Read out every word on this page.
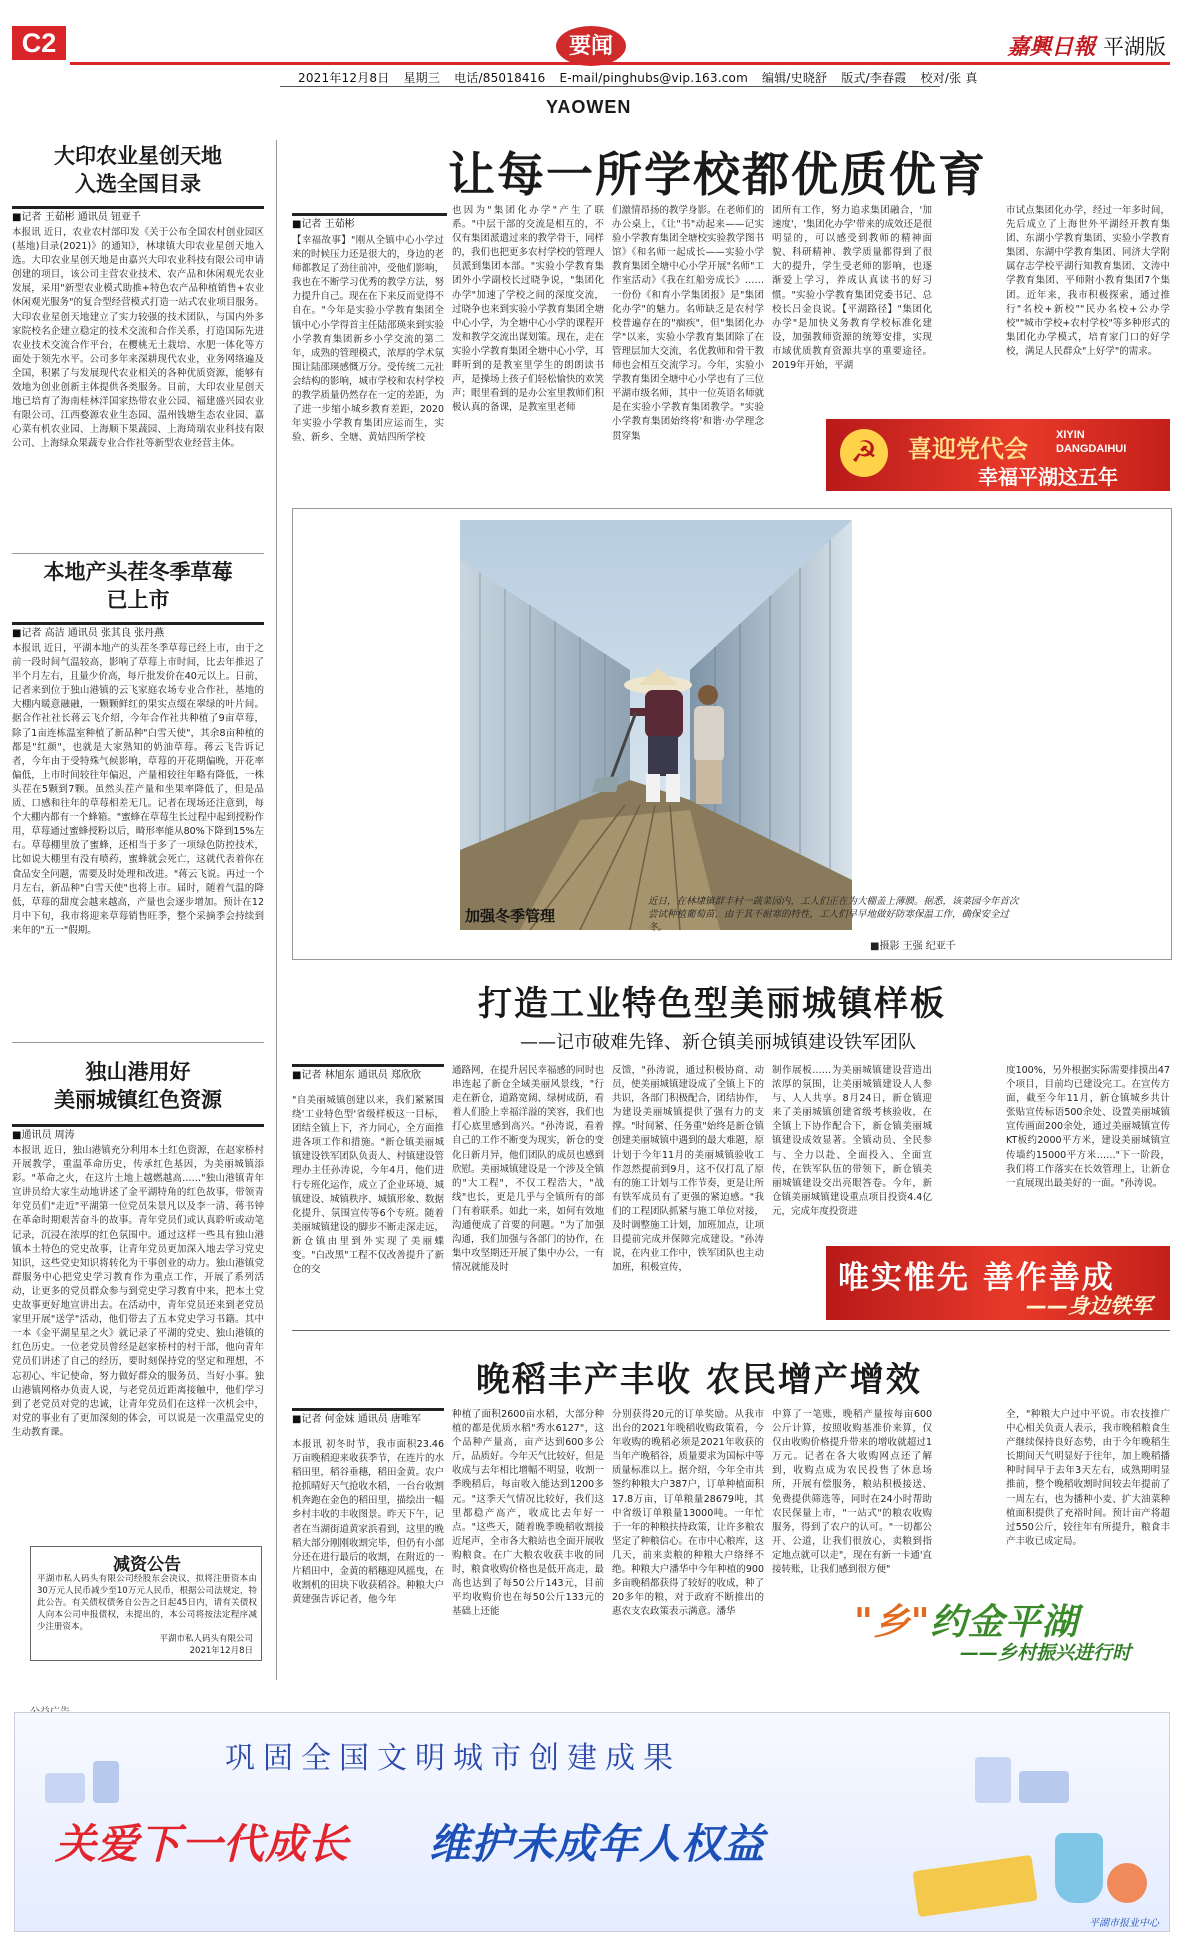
C2	要闻	嘉興日報 平湖版
2021年12月8日 星期三 电话/85018416 E-mail/pinghubs@vip.163.com 编辑/史晓舒 版式/李春霞 校对/张 真
YAOWEN
让每一所学校都优质优育
■记者 王茹彬
【幸福故事】"刚从全镇中心小学过来的时候压力还是很大的，身边的老师都教足了劲往前冲，受他们影响，我也在不断学习优秀的教学方法，努力提升自己。现在在下来反而觉得不自在。"今年是实验小学教育集团全镇中心小学得首主任陆邵瑛来到实验小学教育集团新乡小学交流的第二年，成熟的管理模式，浓厚的学术氛围让陆邵瑛感慨万分。受传统二元社会结构的影响，城市学校和农村学校的教学质量仍然存在一定的差距，为了进一步缩小城乡教育差距，2020年实验小学教育集团应运而生，实验、新乡、全塘、黄姑四所学校
也因为"集团化办学"产生了联系。"中层干部的交流是相互的，不仅有集团派遣过来的教学骨干，同样的，我们也把更多农村学校的管理人员派到集团本部。"实验小学教育集团外小学副校长过晓争说，"集团化办学"加速了学校之间的深度交流，过晓争也来到实验小学教育集团全塘中心小学，为全塘中心小学的课程开发和教学交流出谋划策。现在，走在实验小学教育集团全塘中心小学，耳畔听到的是教室里学生的朗朗读书声，是操场上孩子们轻松愉快的欢笑声；眼里看到的是办公室里教师们积极认真的备课，是教室里老师
们激情昂扬的教学身影。在老师们的办公桌上，《让"书"动起来——记实验小学教育集团全塘校实验教学图书馆》《和名师一起成长——实验小学教育集团全塘中心小学开展"名师"工作室活动》《我在红船旁成长》……一份份《和育小学集团报》是"集团化办学"的魅力。名师缺乏是农村学校普遍存在的"痼疾"，但"集团化办学"以来，实验小学教育集团除了在管理层加大交流，名优教师和骨干教师也会相互交流学习。今年，实验小学教育集团全塘中心小学也有了三位平湖市级名师，其中一位英语名师就是在实验小学教育集团教学。"实验小学教育集团始终将'和谐·办学理念贯穿集
团所有工作，努力追求集团融合，'加速度'，'集团化办学'带来的成效还是很明显的，可以感受到教师的精神面貌、科研精神、教学质量都得到了很大的提升，学生受老师的影响，也逐渐爱上学习，养成认真读书的好习惯。"实验小学教育集团党委书记、总校长吕金良说。【平湖路径】"集团化办学"是加快义务教育学校标准化建设，加强教师资源的统筹安排，实现市域优质教育资源共享的重要途径。2019年开始，平湖
市试点集团化办学，经过一年多时间，先后成立了上海世外平湖经开教育集团、东湖小学教育集团、实验小学教育集团、东湖中学教育集团、同济大学附属存志学校平湖行知教育集团、文涛中学教育集团、平师附小教育集团7个集团。近年来，我市积极探索，通过推行"名校+新校""民办名校+公办学校""城市学校+农村学校"等多种形式的集团化办学模式，培育家门口的好学校，满足人民群众"上好学"的需求。
☭	喜迎党代会	XIYIN
DANGDAIHUI
幸福平湖这五年
大印农业星创天地
入选全国目录
■记者 王茹彬 通讯员 钮亚千
本报讯 近日，农业农村部印发《关于公布全国农村创业园区(基地)目录(2021)》的通知》，林埭镇大印农业星创天地入选。大印农业星创天地是由嘉兴大印农业科技有限公司申请创建的项目，该公司主营农业技术、农产品和休闲观光农业发展，采用"新型农业模式助推+特色农产品种植销售+农业休闲观光服务"的复合型经营模式打造一站式农业项目服务。大印农业星创天地建立了实力较强的技术团队，与国内外多家院校名企建立稳定的技术交流和合作关系，打造国际先进农业技术交流合作平台，在樱桃无土栽培、水肥一体化等方面处于领先水平。公司多年来深耕现代农业，业务网络遍及全国，积累了与发展现代农业相关的各种优质资源，能够有效地为创业创新主体提供各类服务。目前，大印农业星创天地已培育了海南桂林洋国家热带农业公园、福建盛兴园农业有限公司、江西婺源农业生态园、温州钱塘生态农业园、嘉心菜有机农业园、上海顺下果蔬园、上海琦瑞农业科技有限公司、上海绿众果蔬专业合作社等新型农业经营主体。
本地产头茬冬季草莓
已上市
■记者 高洁 通讯员 张其良 张丹燕
本报讯 近日，平湖本地产的头茬冬季草莓已经上市，由于之前一段时间气温较高，影响了草莓上市时间，比去年推迟了半个月左右，且量少价高，每斤批发价在40元以上。日前，记者来到位于独山港镇的云飞家庭农场专业合作社，基地的大棚内暖意融融，一颗颗鲜红的果实点缀在翠绿的叶片间。据合作社社长蒋云飞介绍，今年合作社共种植了9亩草莓，除了1亩连栋温室种植了新品种"白雪天使"，其余8亩种植的都是"红颜"，也就是大家熟知的奶油草莓。蒋云飞告诉记者，今年由于受特殊气候影响，草莓的开花期偏晚，开花率偏低，上市时间较往年偏迟，产量相较往年略有降低，一株头茬在5颗到7颗。虽然头茬产量和坐果率降低了，但是品质、口感和往年的草莓相差无几。记者在现场还注意到，每个大棚内都有一个蜂箱。"蜜蜂在草莓生长过程中起到授粉作用，草莓通过蜜蜂授粉以后，畸形率能从80%下降到15%左右。草莓棚里放了蜜蜂，还相当于多了一项绿色防控技术，比如说大棚里有没有喷药，蜜蜂就会死亡，这就代表着你在食品安全问题，需要及时处理和改进。"蒋云飞说。再过一个月左右，新品种"白雪天使"也将上市。届时，随着气温的降低，草莓的甜度会越来越高，产量也会逐步增加。预计在12月中下旬，我市将迎来草莓销售旺季，整个采摘季会持续到来年的"五一"假期。
独山港用好
美丽城镇红色资源
■通讯员 周涛
本报讯 近日，独山港镇充分利用本土红色资源，在赵家桥村开展教学，重温革命历史，传承红色基因，为美丽城镇添彩。"革命之火，在这片土地上越燃越高……"独山港镇青年宣讲员给大家生动地讲述了金平湖特角的红色故事，带领青年党员们"走近"平湖第一位党员朱景凡以及李一清、蒋书钟在革命时期艰苦奋斗的故事。青年党员们或认真聆听或动笔记录，沉浸在浓厚的红色氛围中。通过这样一些具有独山港镇本土特色的党史故事，让青年党员更加深入地去学习党史知识，这些党史知识将转化为干事创业的动力。独山港镇党群服务中心把党史学习教育作为重点工作，开展了系列活动，让更多的党员群众参与到党史学习教育中来，把本土党史故事更好地宣讲出去。在活动中，青年党员还来到老党员家里开展"送学"活动，他们带去了五本党史学习书籍。其中一本《金平湖星星之火》就记录了平湖的党史、独山港镇的红色历史。一位老党员曾经是赵家桥村的村干部，他向青年党员们讲述了自己的经历，要时刻保持党的坚定和理想，不忘初心、牢记使命，努力做好群众的服务员、当好小事。独山港镇网格办负责人说，与老党员近距离接触中，他们学习到了老党员对党的忠诚，让青年党员们在这样一次机会中，对党的事业有了更加深刻的体会，可以说是一次重温党史的生动教育课。
减资公告
平湖市私人码头有限公司经股东会决议，拟将注册资本由30万元人民币减少至10万元人民币，根据公司法规定，特此公告。有关债权债务自公告之日起45日内，请有关债权人向本公司申报债权，未提出的，本公司将按法定程序减少注册资本。
平湖市私人码头有限公司
2021年12月8日
加强冬季管理
近日，在林埭镇群丰村一蔬菜园内，工人们正在为大棚盖上薄膜。据悉，该菜园今年首次尝试种植葡萄苗，由于其不耐寒的特性，工人们早早地做好防寒保温工作，确保安全过冬。
■摄影 王强 纪亚千
打造工业特色型美丽城镇样板
——记市破难先锋、新仓镇美丽城镇建设铁军团队
■记者 林旭东 通讯员 郑欣欣
"自美丽城镇创建以来，我们紧紧围绕'工业特色型'省级样板这一目标，团结全镇上下，齐力同心，全方面推进各项工作和措施。"新仓镇美丽城镇建设铁军团队负责人、村镇建设管理办主任孙涛说，今年4月，他们进行专班化运作，成立了企业环境、城镇建设、城镇秩序、城镇形象、数据化提升、氛围宣传等6个专班。随着美丽城镇建设的脚步不断走深走远，新仓镇由里到外实现了美丽蝶变。"白改黑"工程不仅改善提升了新仓的交
通路网，在提升居民幸福感的同时也串连起了新仓全域美丽风景线，"行走在新仓，道路宽阔、绿树成荫，看着人们脸上幸福洋溢的笑容，我们也打心底里感到高兴。"孙涛说，看着自己的工作不断变为现实，新仓的变化日新月异，他们团队的成员也感到欣慰。美丽城镇建设是一个涉及全镇的"大工程"，不仅工程浩大，"战线"也长，更是几乎与全镇所有的部门有着联系。如此一来，如何有效地沟通便成了首要的问题。"为了加强沟通，我们加强与各部门的协作，在集中攻坚期还开展了集中办公，一有情况就能及时
反馈，"孙涛说，通过积极协商、动员，使美丽城镇建设成了全镇上下的共识，各部门积极配合，团结协作，为建设美丽城镇提供了强有力的支撑。"时间紧、任务重"始终是新仓镇创建美丽城镇中遇到的最大难题，原计划于今年11月的美丽城镇验收工作忽然提前到9月，这不仅打乱了原有的施工计划与工作节奏，更是让所有铁军成员有了更强的紧迫感。"我们的工程团队抓紧与施工单位对接，及时调整施工计划，加班加点，让项目提前完成并保障完成建设。"孙涛说，在内业工作中，铁军团队也主动加班，积极宣传，
制作展板……为美丽城镇建设营造出浓厚的氛围，让美丽城镇建设人人参与、人人共享。8月24日，新仓镇迎来了美丽城镇创建省级考核验收，在全镇上下协作配合下，新仓镇美丽城镇建设成效显著。全镇动员、全民参与、全力以赴、全面投入、全面宣传，在铁军队伍的带领下，新仓镇美丽城镇建设交出亮眼答卷。今年，新仓镇美丽城镇建设重点项目投资4.4亿元，完成年度投资进
度100%，另外根据实际需要排摸出47个项目，目前均已建设完工。在宣传方面，截至今年11月，新仓镇城乡共计张贴宣传标语500余处、设置美丽城镇宣传画面200余处，通过美丽城镇宣传KT板约2000平方米，建设美丽城镇宣传墙约15000平方米……"下一阶段，我们将工作落实在长效管理上，让新仓一直展现出最美好的一面。"孙涛说。
唯实惟先 善作善成
——身边铁军
晚稻丰产丰收 农民增产增效
■记者 何金妹 通讯员 唐唯军
本报讯 初冬时节，我市面积23.46万亩晚稻迎来收获季节，在连片的水稻田里，稻谷垂穗，稻田金黄。农户抢抓晴好天气抢收水稻，一台台收割机奔跑在金色的稻田里，描绘出一幅乡村丰收的丰收图景。昨天下午，记者在当湖街道黄家浜看到，这里的晚稻大部分刚刚收割完毕，但仍有小部分还在进行最后的收割，在附近的一片稻田中，金黄的稻穗迎风摇曳，在收割机的田块下收获稻谷。种粮大户黄建强告诉记者，他今年
种植了面积2600亩水稻，大部分种植的都是优质水稻"秀水6127"，这个品种产量高，亩产达到600多公斤，品质好。今年天气比较好，但是收成与去年相比增幅不明显，收割一季晚稻后，每亩收入能达到1200多元。"这季天气情况比较好，我们这里都稳产高产，收成比去年好一点。"这些天，随着晚季晚稻收割接近尾声，全市各大粮站也全面开展收购粮食。在广大粮农收获丰收的同时，粮食收购价格也是低开高走，最高也达到了每50公斤143元，目前平均收购价也在每50公斤133元的基础上还能
分别获得20元的订单奖励。从我市出台的2021年晚稻收购政策看，今年收购的晚稻必须是2021年收获的当年产晚稻谷，质量要求为国标中等质量标准以上。据介绍，今年全市共签约种粮大户387户，订单种植面积17.8万亩，订单粮量28679吨，其中省级订单粮量13000吨。一年忙于一年的种粮扶持政策，让许多粮农坚定了种粮信心。在市中心粮库，这几天，前来卖粮的种粮大户络绎不绝。种粮大户潘华中今年种植的900多亩晚稻都获得了较好的收成，种了20多年的粮，对于政府不断推出的惠农支农政策表示满意。潘华
中算了一笔账，晚稻产量按每亩600公斤计算，按照收购基准价来算，仅仅由收购价格提升带来的增收就超过1万元。记者在各大收购网点还了解到，收购点成为农民投售了休息场所，开展有偿服务，粮站积极接送、免费提供筛选等，同时在24小时帮助农民保量上市，"一站式"的粮农收购服务，得到了农户的认可。"一切都公开、公道，让我们很放心，卖粮到指定地点就可以走"，现在有新一卡通'直接转账，让我们感到很方便"
全，"种粮大户过中平说。市农技推广中心相关负责人表示，我市晚稻粮食生产继续保持良好态势，由于今年晚稻生长期间天气明显好于往年，加上晚稻播种时间早于去年3天左右，成熟期明显推前，整个晚稻收割时间较去年提前了一周左右，也为播种小麦、扩大油菜种植面积提供了充裕时间。预计亩产将超过550公斤，较往年有所提升，粮食丰产丰收已成定局。
"乡"约金平湖
——乡村振兴进行时
巩固全国文明城市创建成果
关爱下一代成长 维护未成年人权益
平湖市报业中心
